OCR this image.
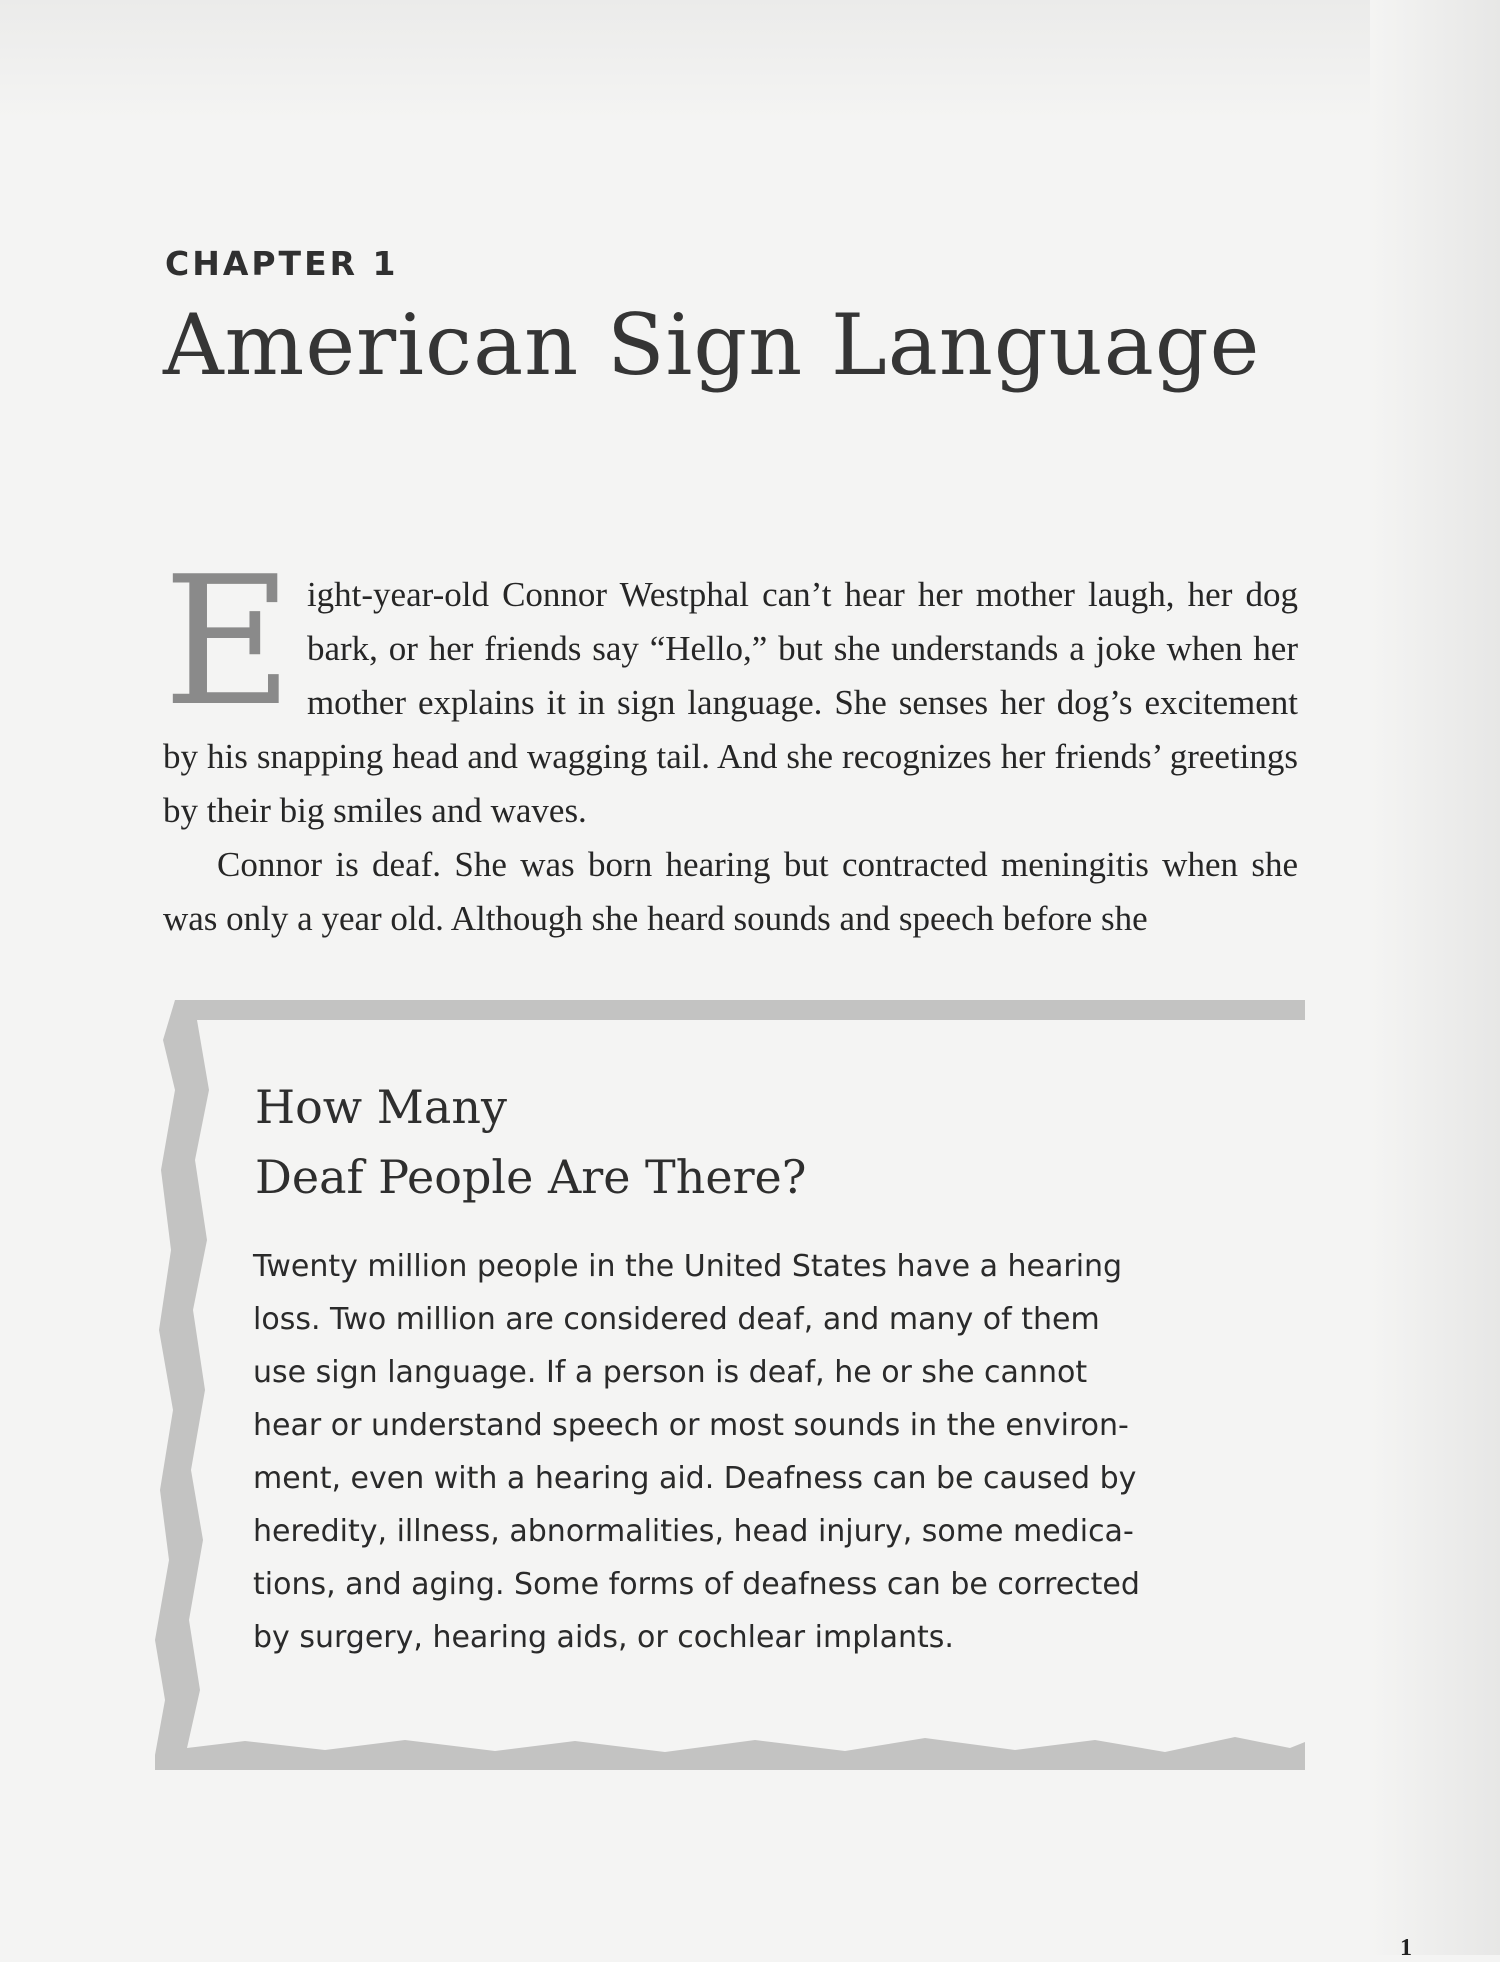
CHAPTER 1
American Sign Language

Eight-year-old Connor Westphal can’t hear her mother laugh, her dog bark, or her friends say “Hello,” but she understands a joke when her mother explains it in sign language. She senses her dog’s excitement by his snapping head and wagging tail. And she recognizes her friends’ greetings by their big smiles and waves.

Connor is deaf. She was born hearing but contracted meningitis when she was only a year old. Although she heard sounds and speech before she

How Many
Deaf People Are There?
Twenty million people in the United States have a hearing
loss. Two million are considered deaf, and many of them
use sign language. If a person is deaf, he or she cannot
hear or understand speech or most sounds in the environ-
ment, even with a hearing aid. Deafness can be caused by
heredity, illness, abnormalities, head injury, some medica-
tions, and aging. Some forms of deafness can be corrected
by surgery, hearing aids, or cochlear implants.
1
